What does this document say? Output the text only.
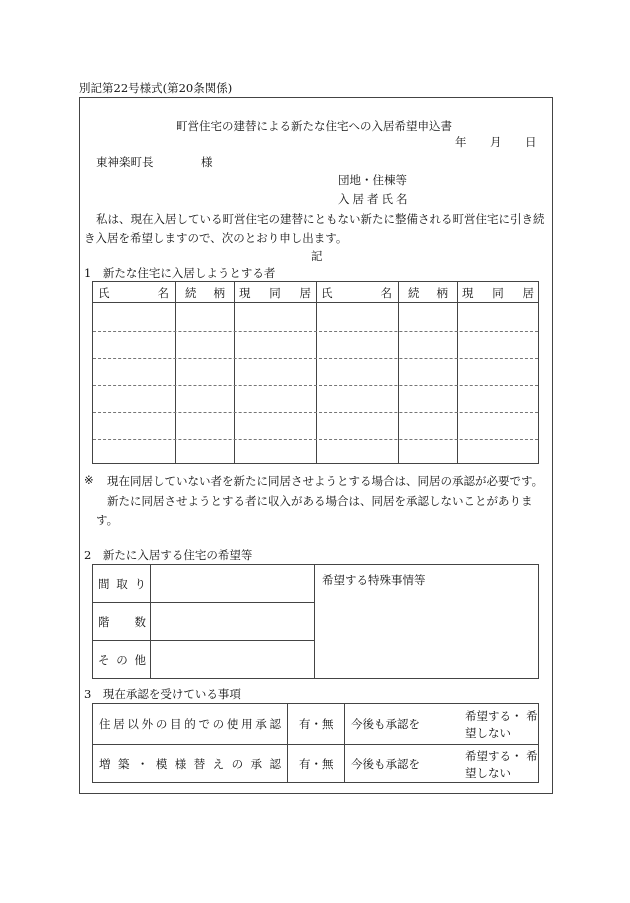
別記第22号様式(第20条関係)
町営住宅の建替による新たな住宅への入居希望申込書
年 月 日
東神楽町長	様
団地・住棟等
入居者氏名
私は、現在入居している町営住宅の建替にともない新たに整備される町営住宅に引き続
き入居を希望しますので、次のとおり申し出ます。
記
1　新たな住宅に入居しようとする者
氏名 続柄 現同居 氏名 続柄 現同居
※ 現在同居していない者を新たに同居させようとする場合は、同居の承認が必要です。
新たに同居させようとする者に収入がある場合は、同居を承認しないことがありま
す。
2　新たに入居する住宅の希望等
間取り
階数
その他
希望する特殊事情等
3　現在承認を受けている事項
住居以外の目的での使用承認 有・無 今後も承認を
希望する・ 希
望しない
増築・模様替えの承認 有・無 今後も承認を
希望する・ 希
望しない
